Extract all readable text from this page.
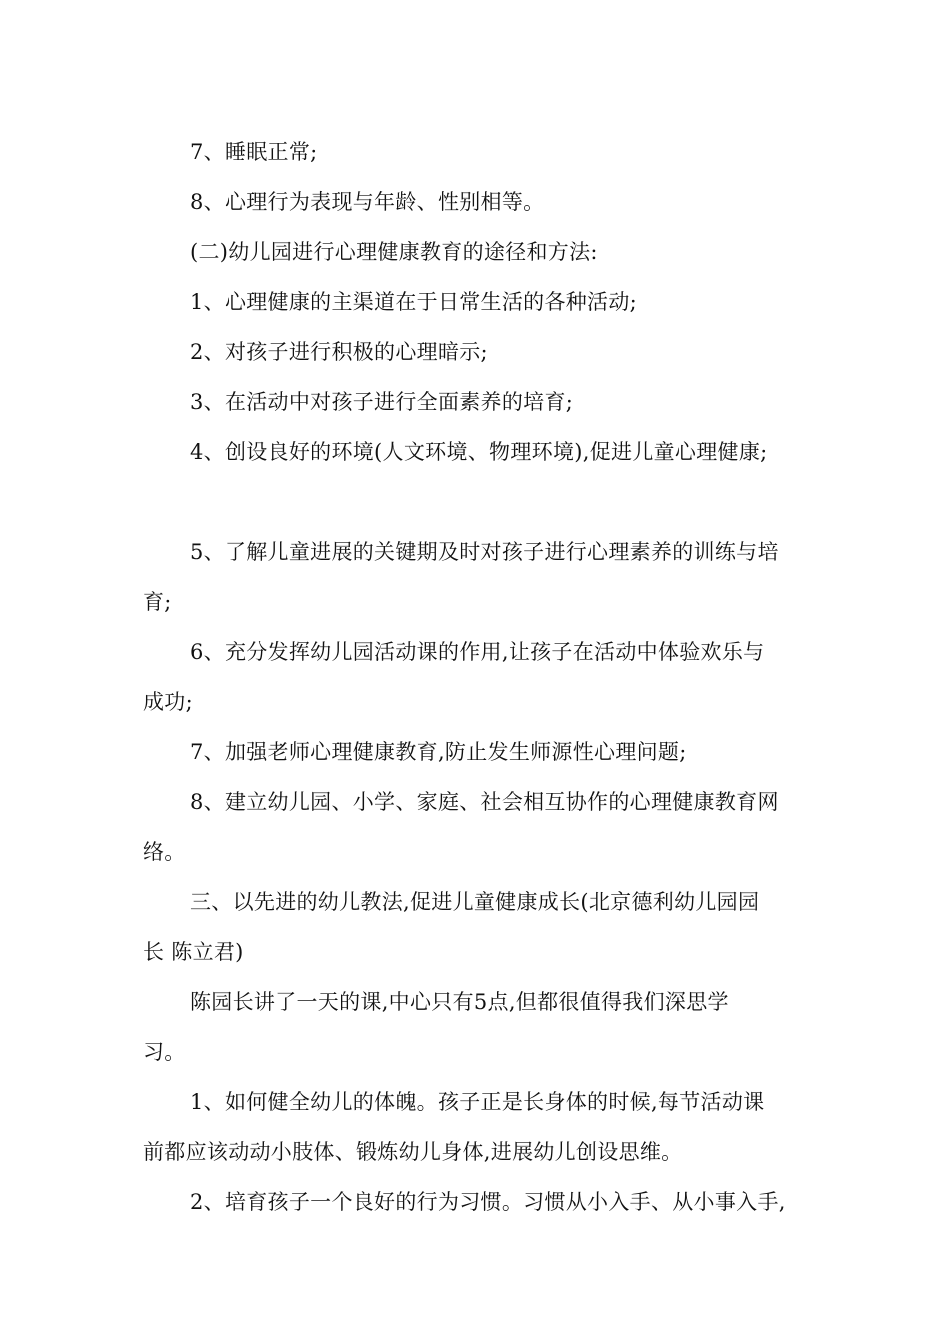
7、睡眠正常;
8、心理行为表现与年龄、性别相等。
(二)幼儿园进行心理健康教育的途径和方法:
1、心理健康的主渠道在于日常生活的各种活动;
2、对孩子进行积极的心理暗示;
3、在活动中对孩子进行全面素养的培育;
4、创设良好的环境(人文环境、物理环境),促进儿童心理健康;
5、了解儿童进展的关键期及时对孩子进行心理素养的训练与培
育;
6、充分发挥幼儿园活动课的作用,让孩子在活动中体验欢乐与
成功;
7、加强老师心理健康教育,防止发生师源性心理问题;
8、建立幼儿园、小学、家庭、社会相互协作的心理健康教育网
络。
三、以先进的幼儿教法,促进儿童健康成长(北京德利幼儿园园
长 陈立君)
陈园长讲了一天的课,中心只有5点,但都很值得我们深思学
习。
1、如何健全幼儿的体魄。孩子正是长身体的时候,每节活动课
前都应该动动小肢体、锻炼幼儿身体,进展幼儿创设思维。
2、培育孩子一个良好的行为习惯。习惯从小入手、从小事入手,
